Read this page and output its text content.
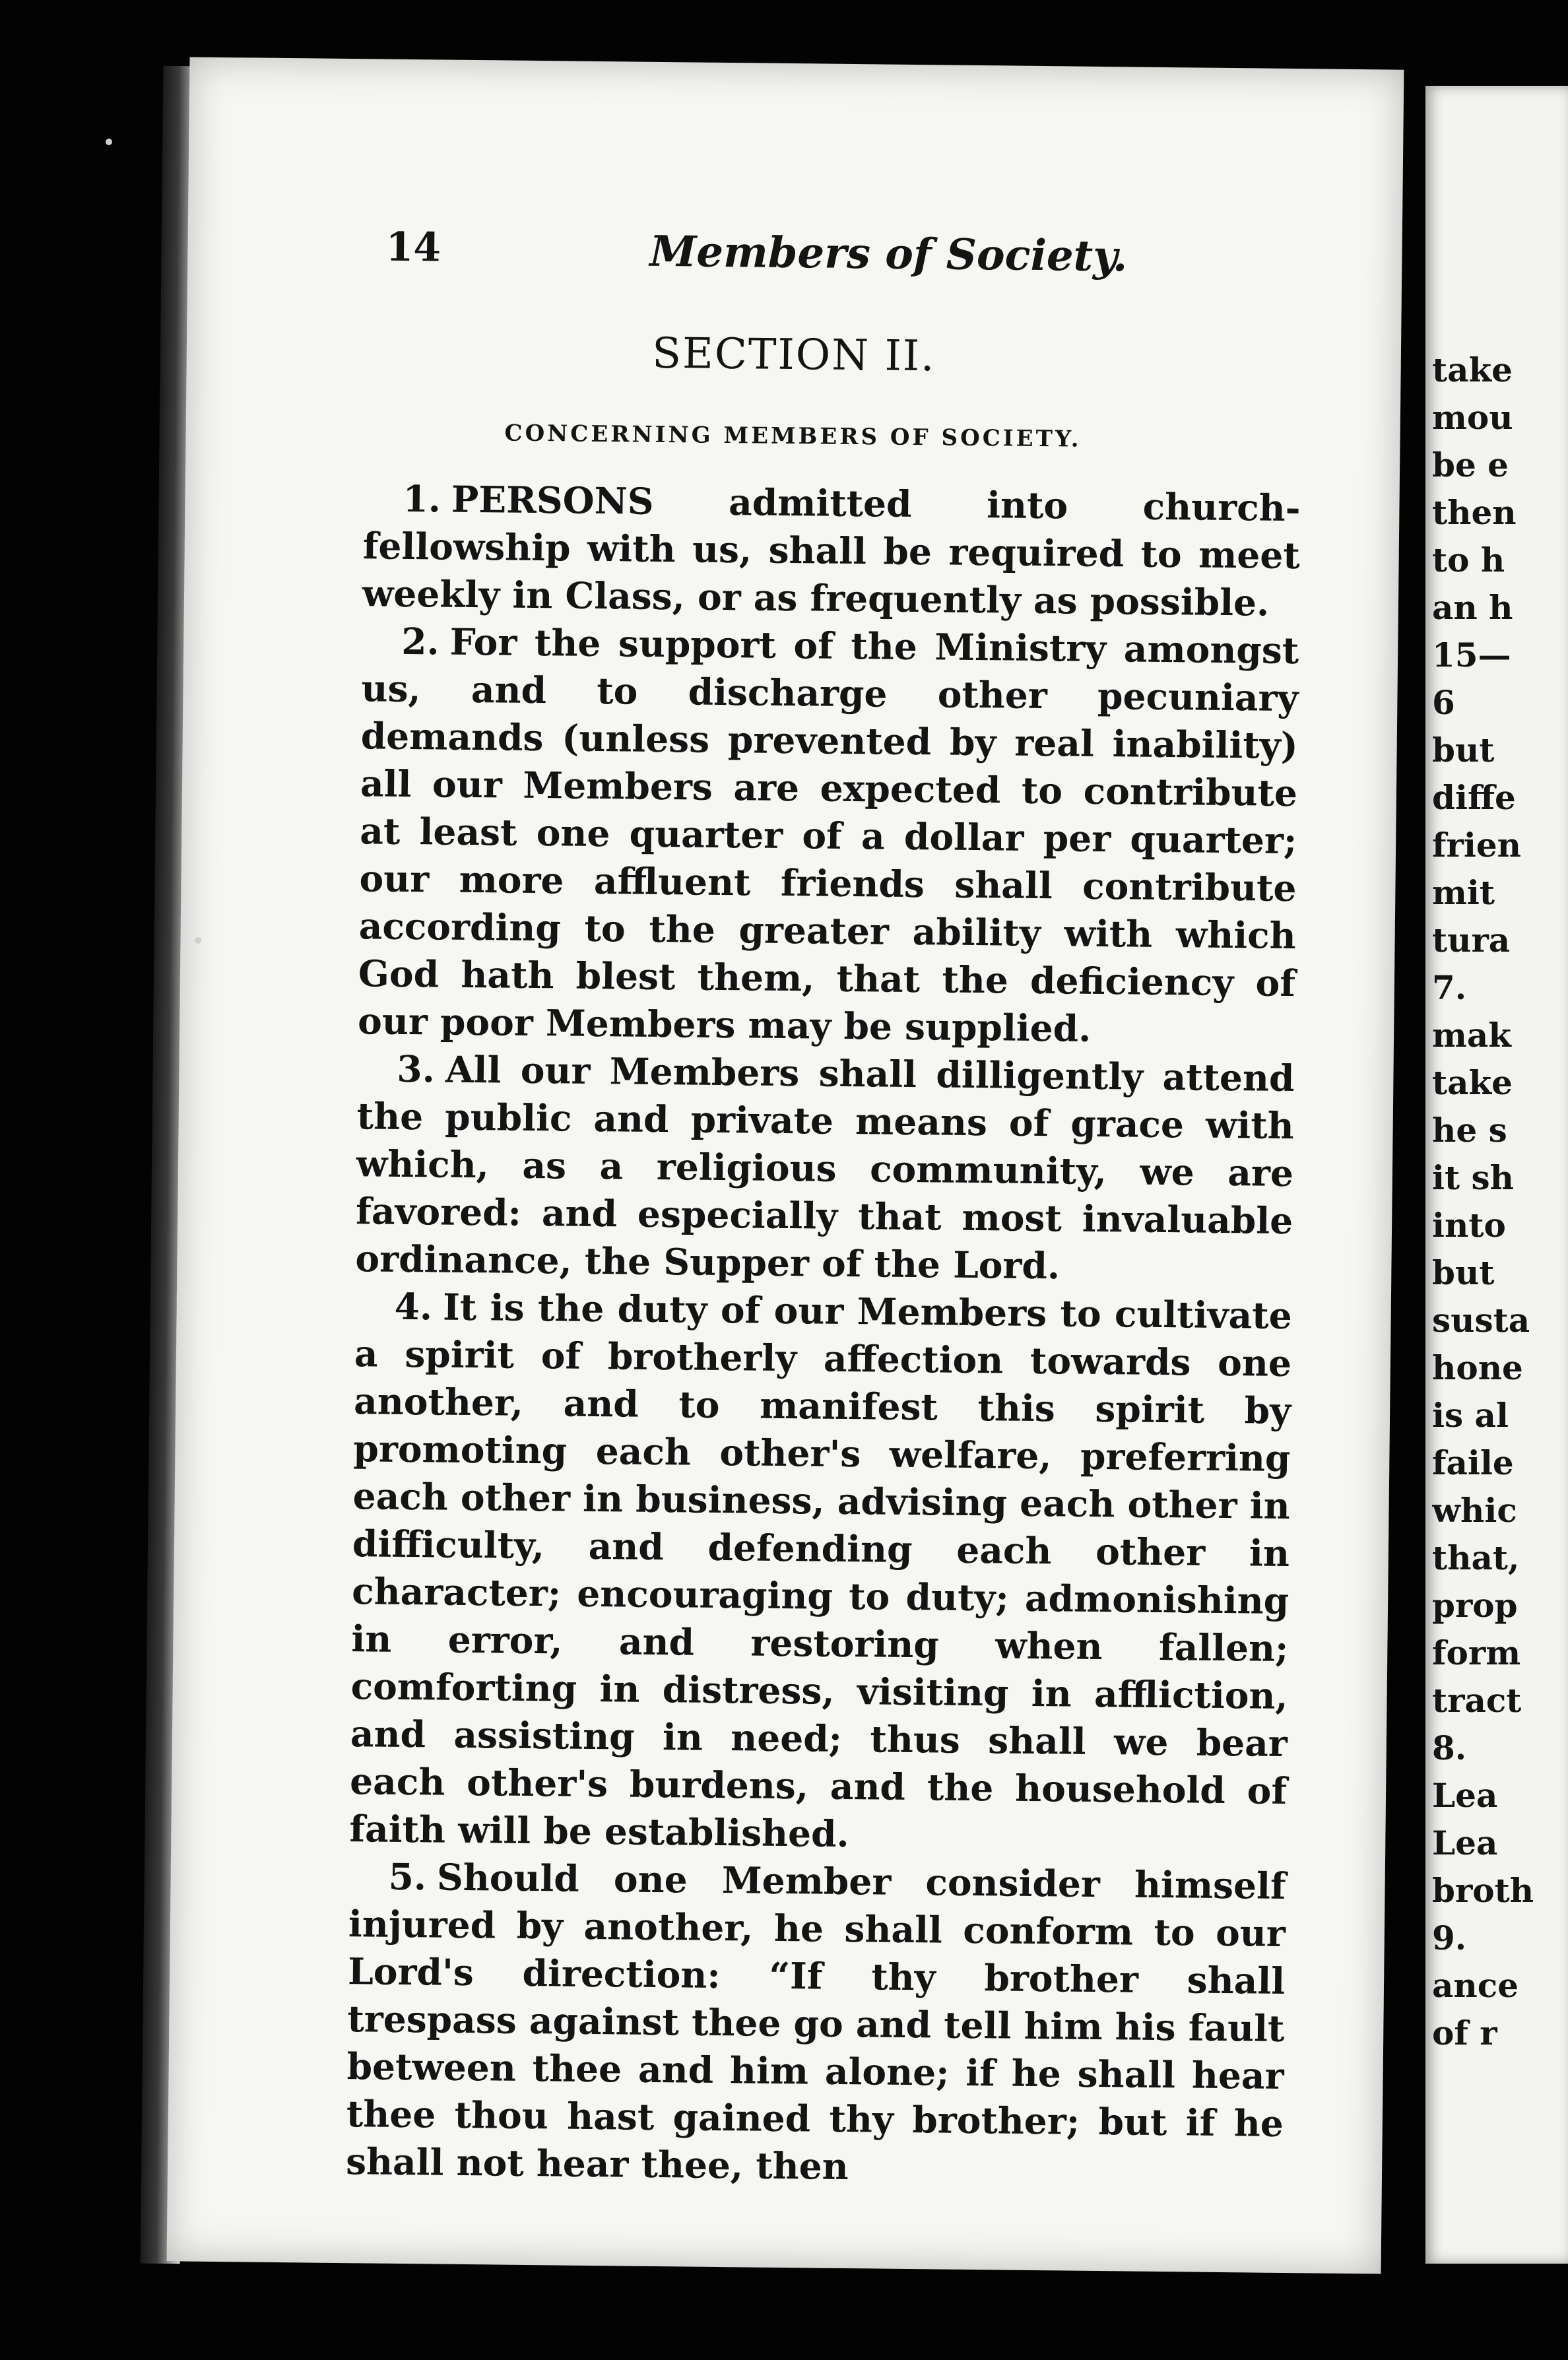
14	Members of Society.
SECTION II.
CONCERNING MEMBERS OF SOCIETY.

1. PERSONS admitted into church-fellowship with us, shall be required to meet weekly in Class, or as frequently as possible.

2. For the support of the Ministry amongst us, and to discharge other pecuniary demands (unless prevented by real inability) all our Members are expected to contribute at least one quarter of a dollar per quarter; our more affluent friends shall contribute according to the greater ability with which God hath blest them, that the deficiency of our poor Members may be supplied.

3. All our Members shall dilligently attend the public and private means of grace with which, as a religious community, we are favored: and especially that most invaluable ordinance, the Supper of the Lord.

4. It is the duty of our Members to cultivate a spirit of brotherly affection towards one another, and to manifest this spirit by promoting each other's welfare, preferring each other in business, advising each other in difficulty, and defending each other in character; encouraging to duty; admonishing in error, and restoring when fallen; comforting in distress, visiting in affliction, and assisting in need; thus shall we bear each other's burdens, and the household of faith will be established.

5. Should one Member consider himself injured by another, he shall conform to our Lord's direction: “If thy brother shall trespass against thee go and tell him his fault between thee and him alone; if he shall hear thee thou hast gained thy brother; but if he shall not hear thee, then

take
mou
be e
then
to h
an h
15—
6
but
diffe
frien
mit
tura
7.
mak
take
he s
it sh
into
but
susta
hone
is al
faile
whic
that,
prop
form
tract
8.
Lea
Lea
broth
9.
ance
of r
